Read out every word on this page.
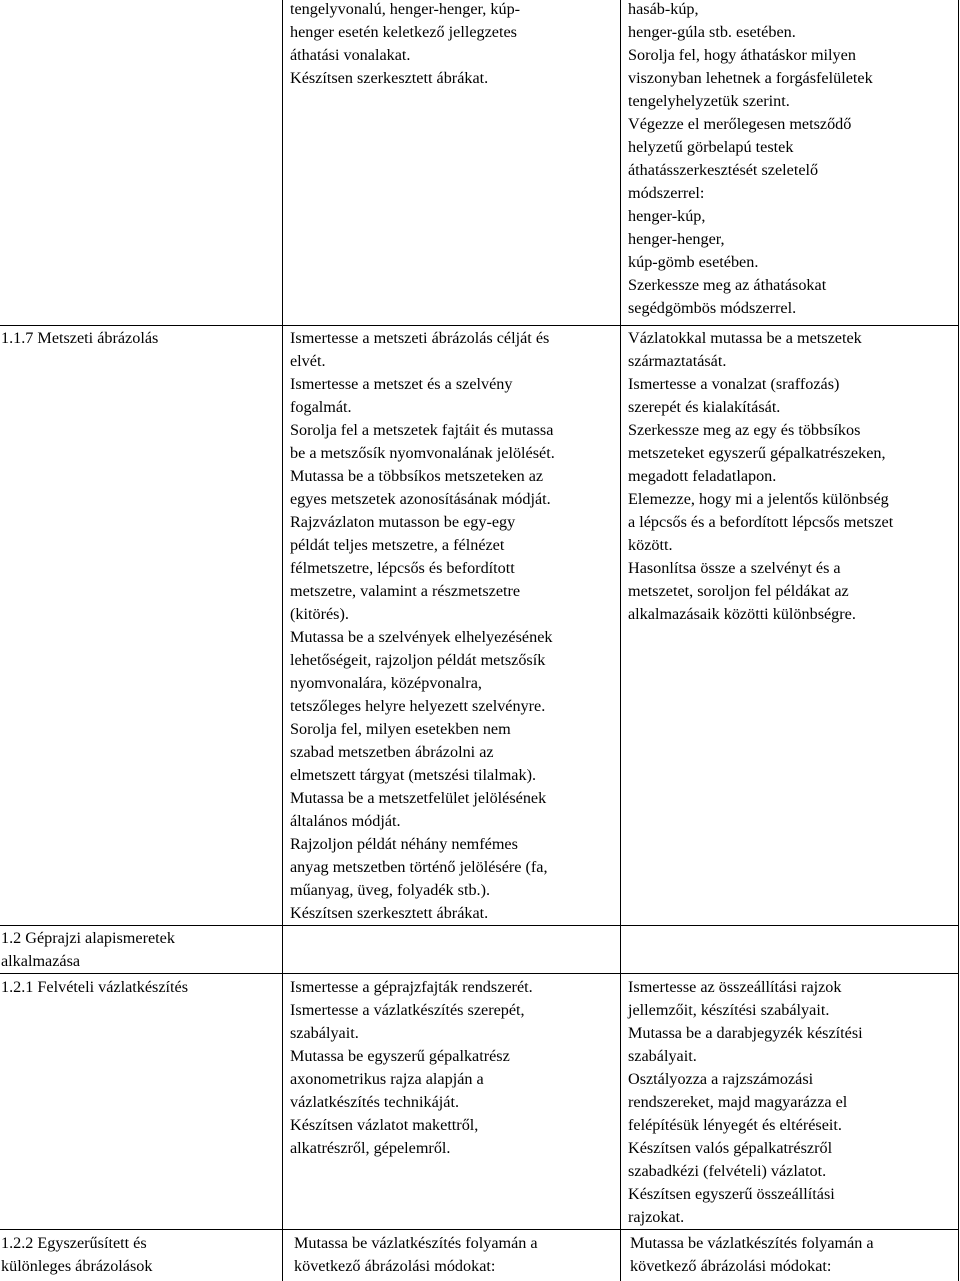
tengelyvonalú, henger-henger, kúp-
henger esetén keletkező jellegzetes
áthatási vonalakat.
Készítsen szerkesztett ábrákat.
hasáb-kúp,
henger-gúla stb. esetében.
Sorolja fel, hogy áthatáskor milyen
viszonyban lehetnek a forgásfelületek
tengelyhelyzetük szerint.
Végezze el merőlegesen metsződő
helyzetű görbelapú testek
áthatásszerkesztését szeletelő
módszerrel:
henger-kúp,
henger-henger,
kúp-gömb esetében.
Szerkessze meg az áthatásokat
segédgömbös módszerrel.
1.1.7 Metszeti ábrázolás	Ismertesse a metszeti ábrázolás célját és
elvét.
Ismertesse a metszet és a szelvény
fogalmát.
Sorolja fel a metszetek fajtáit és mutassa
be a metszősík nyomvonalának jelölését.
Mutassa be a többsíkos metszeteken az
egyes metszetek azonosításának módját.
Rajzvázlaton mutasson be egy-egy
példát teljes metszetre, a félnézet
félmetszetre, lépcsős és befordított
metszetre, valamint a részmetszetre
(kitörés).
Mutassa be a szelvények elhelyezésének
lehetőségeit, rajzoljon példát metszősík
nyomvonalára, középvonalra,
tetszőleges helyre helyezett szelvényre.
Sorolja fel, milyen esetekben nem
szabad metszetben ábrázolni az
elmetszett tárgyat (metszési tilalmak).
Mutassa be a metszetfelület jelölésének
általános módját.
Rajzoljon példát néhány nemfémes
anyag metszetben történő jelölésére (fa,
műanyag, üveg, folyadék stb.).
Készítsen szerkesztett ábrákat.
Vázlatokkal mutassa be a metszetek
származtatását.
Ismertesse a vonalzat (sraffozás)
szerepét és kialakítását.
Szerkessze meg az egy és többsíkos
metszeteket egyszerű gépalkatrészeken,
megadott feladatlapon.
Elemezze, hogy mi a jelentős különbség
a lépcsős és a befordított lépcsős metszet
között.
Hasonlítsa össze a szelvényt és a
metszetet, soroljon fel példákat az
alkalmazásaik közötti különbségre.
1.2 Géprajzi alapismeretek
alkalmazása
1.2.1 Felvételi vázlatkészítés	Ismertesse a géprajzfajták rendszerét.
Ismertesse a vázlatkészítés szerepét,
szabályait.
Mutassa be egyszerű gépalkatrész
axonometrikus rajza alapján a
vázlatkészítés technikáját.
Készítsen vázlatot makettről,
alkatrészről, gépelemről.
Ismertesse az összeállítási rajzok
jellemzőit, készítési szabályait.
Mutassa be a darabjegyzék készítési
szabályait.
Osztályozza a rajzszámozási
rendszereket, majd magyarázza el
felépítésük lényegét és eltéréseit.
Készítsen valós gépalkatrészről
szabadkézi (felvételi) vázlatot.
Készítsen egyszerű összeállítási
rajzokat.
1.2.2 Egyszerűsített és
különleges ábrázolások
Mutassa be vázlatkészítés folyamán a
következő ábrázolási módokat:
Mutassa be vázlatkészítés folyamán a
következő ábrázolási módokat:
